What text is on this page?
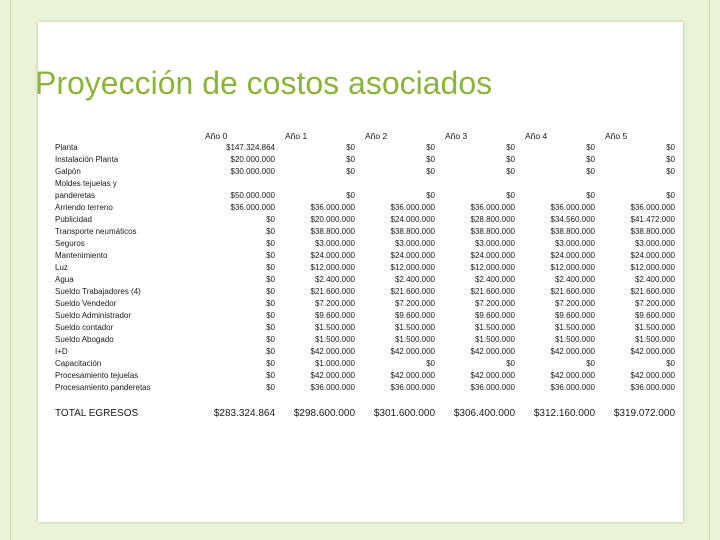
Proyección de costos asociados
	Año 0	Año 1	Año 2	Año 3	Año 4	Año 5
Planta	$147.324.864	$0	$0	$0	$0	$0
Instalación Planta	$20.000.000	$0	$0	$0	$0	$0
Galpón	$30.000.000	$0	$0	$0	$0	$0
Moldes tejuelas y						
panderetas	$50.000.000	$0	$0	$0	$0	$0
Arriendo terreno	$36.000.000	$36.000.000	$36.000.000	$36.000.000	$36.000.000	$36.000.000
Publicidad	$0	$20.000.000	$24.000.000	$28.800.000	$34.560.000	$41.472.000
Transporte neumáticos	$0	$38.800.000	$38.800.000	$38.800.000	$38.800.000	$38.800.000
Seguros	$0	$3.000.000	$3.000.000	$3.000.000	$3.000.000	$3.000.000
Mantenimiento	$0	$24.000.000	$24.000.000	$24.000.000	$24.000.000	$24.000.000
Luz	$0	$12.000.000	$12.000.000	$12.000.000	$12.000.000	$12.000.000
Agua	$0	$2.400.000	$2.400.000	$2.400.000	$2.400.000	$2.400.000
Sueldo Trabajadores (4)	$0	$21.600.000	$21.600.000	$21.600.000	$21.600.000	$21.600.000
Sueldo Vendedor	$0	$7.200.000	$7.200.000	$7.200.000	$7.200.000	$7.200.000
Sueldo Administrador	$0	$9.600.000	$9.600.000	$9.600.000	$9.600.000	$9.600.000
Sueldo contador	$0	$1.500.000	$1.500.000	$1.500.000	$1.500.000	$1.500.000
Sueldo Abogado	$0	$1.500.000	$1.500.000	$1.500.000	$1.500.000	$1.500.000
I+D	$0	$42.000.000	$42.000.000	$42.000.000	$42.000.000	$42.000.000
Capacitación	$0	$1.000.000	$0	$0	$0	$0
Procesamiento tejuelas	$0	$42.000.000	$42.000.000	$42.000.000	$42.000.000	$42.000.000
Procesamiento panderetas	$0	$36.000.000	$36.000.000	$36.000.000	$36.000.000	$36.000.000
TOTAL EGRESOS	$283.324.864	$298.600.000	$301.600.000	$306.400.000	$312.160.000	$319.072.000
NEUMACLAJE
